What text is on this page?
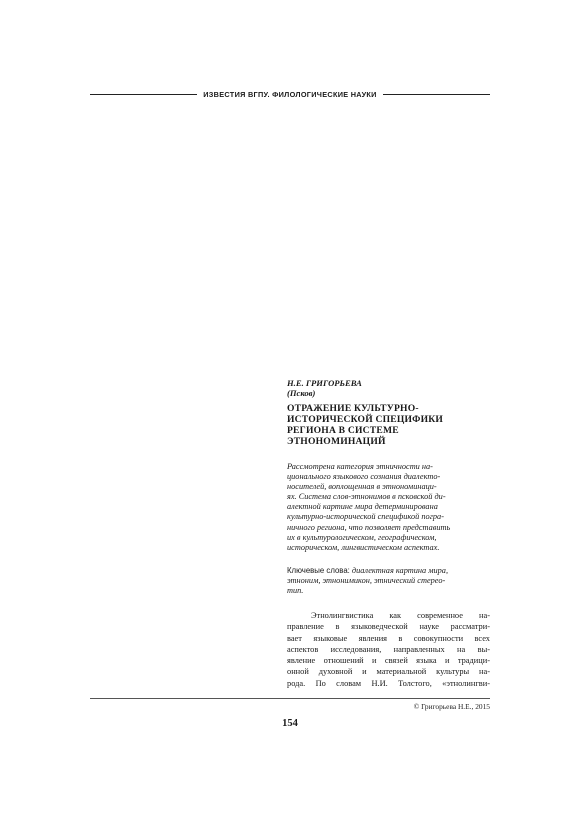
ИЗВЕСТИЯ ВГПУ. ФИЛОЛОГИЧЕСКИЕ НАУКИ
Н.Е. ГРИГОРЬЕВА
(Псков)
ОТРАЖЕНИЕ КУЛЬТУРНО-
ИСТОРИЧЕСКОЙ СПЕЦИФИКИ
РЕГИОНА В СИСТЕМЕ
ЭТНОНОМИНАЦИЙ
Рассмотрена категория этничности на-
ционального языкового сознания диалекто-
носителей, воплощенная в этнономинаци-
ях. Система слов-этнонимов в псковской ди-
алектной картине мира детерминирована
культурно-исторической спецификой погра-
ничного региона, что позволяет представить
их в культурологическом, географическом,
историческом, лингвистическом аспектах.
Ключевые слова: диалектная картина мира,
этноним, этнонимикон, этнический стерео-
тип.
Этнолингвистика как современное на-
правление в языковедческой науке рассматри-
вает языковые явления в совокупности всех
аспектов исследования, направленных на вы-
явление отношений и связей языка и традици-
онной духовной и материальной культуры на-
рода. По словам Н.И. Толстого, «этнолингви-
© Григорьева Н.Е., 2015
154
